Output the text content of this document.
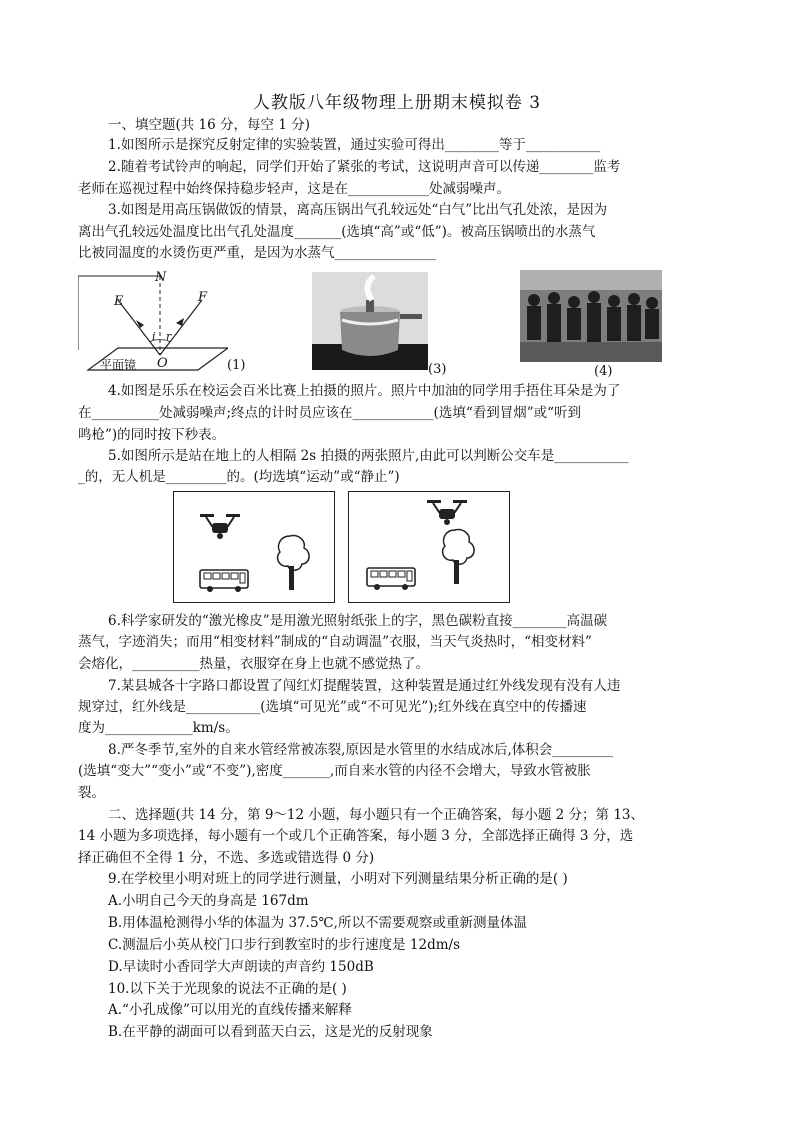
人教版八年级物理上册期末模拟卷 3
一、填空题(共 16 分，每空 1 分)
1.如图所示是探究反射定律的实验装置，通过实验可得出________等于___________
2.随着考试铃声的响起，同学们开始了紧张的考试，这说明声音可以传递________监考
老师在巡视过程中始终保持稳步轻声，这是在____________处减弱噪声。
3.如图是用高压锅做饭的情景，离高压锅出气孔较远处“白气”比出气孔处浓，是因为
离出气孔较远处温度比出气孔处温度_______(选填“高”或“低”)。被高压锅喷出的水蒸气
比被同温度的水烫伤更严重，是因为水蒸气_______________
N
E	F
i r
O
平面镜	(1)	(3)	(4)
4.如图是乐乐在校运会百米比赛上拍摄的照片。照片中加油的同学用手捂住耳朵是为了
在__________处减弱噪声;终点的计时员应该在____________(选填“看到冒烟”或“听到
鸣枪”)的同时按下秒表。
5.如图所示是站在地上的人相隔 2s 拍摄的两张照片,由此可以判断公交车是___________
_的，无人机是_________的。(均选填“运动”或“静止”)
6.科学家研发的“激光橡皮”是用激光照射纸张上的字，黑色碳粉直接________高温碳
蒸气，字迹消失；而用“相变材料”制成的“自动调温”衣服，当天气炎热时，“相变材料”
会熔化，__________热量，衣服穿在身上也就不感觉热了。
7.某县城各十字路口都设置了闯红灯提醒装置，这种装置是通过红外线发现有没有人违
规穿过，红外线是___________(选填“可见光”或“不可见光”);红外线在真空中的传播速
度为_____________km/s。
8.严冬季节,室外的自来水管经常被冻裂,原因是水管里的水结成冰后,体积会_________
(选填“变大”“变小”或“不变”),密度_______,而自来水管的内径不会增大，导致水管被胀
裂。
二、选择题(共 14 分，第 9～12 小题，每小题只有一个正确答案，每小题 2 分；第 13、
14 小题为多项选择，每小题有一个或几个正确答案，每小题 3 分，全部选择正确得 3 分，选
择正确但不全得 1 分，不选、多选或错选得 0 分)
9.在学校里小明对班上的同学进行测量，小明对下列测量结果分析正确的是( )
A.小明自己今天的身高是 167dm
B.用体温枪测得小华的体温为 37.5℃,所以不需要观察或重新测量体温
C.测温后小英从校门口步行到教室时的步行速度是 12dm/s
D.早读时小香同学大声朗读的声音约 150dB
10.以下关于光现象的说法不正确的是( )
A.“小孔成像”可以用光的直线传播来解释
B.在平静的湖面可以看到蓝天白云，这是光的反射现象
